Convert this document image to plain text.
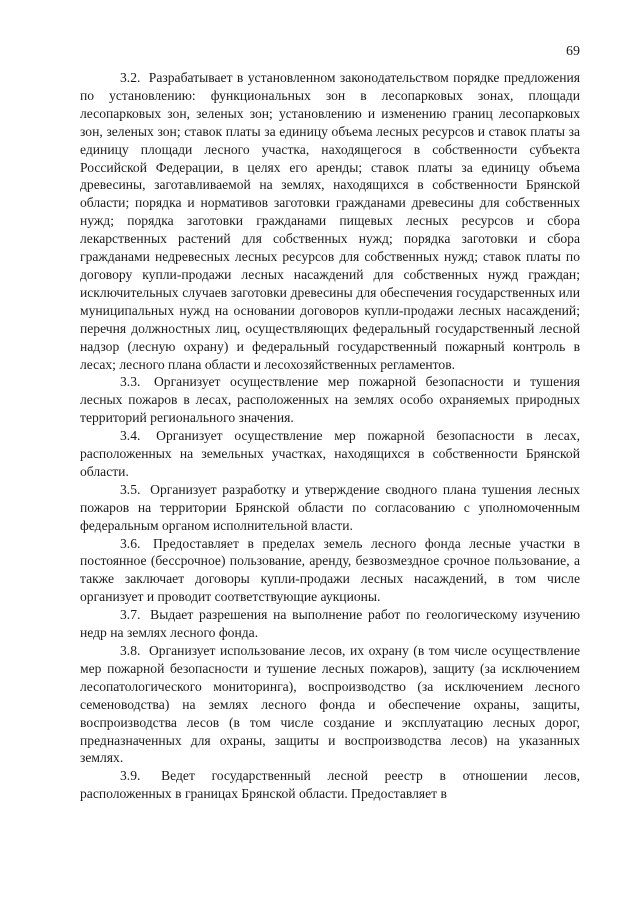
69

3.2. Разрабатывает в установленном законодательством порядке предложения по установлению: функциональных зон в лесопарковых зонах, площади лесопарковых зон, зеленых зон; установлению и изменению границ лесопарковых зон, зеленых зон; ставок платы за единицу объема лесных ресурсов и ставок платы за единицу площади лесного участка, находящегося в собственности субъекта Российской Федерации, в целях его аренды; ставок платы за единицу объема древесины, заготавливаемой на землях, находящихся в собственности Брянской области; порядка и нормативов заготовки гражданами древесины для собственных нужд; порядка заготовки гражданами пищевых лесных ресурсов и сбора лекарственных растений для собственных нужд; порядка заготовки и сбора гражданами недревесных лесных ресурсов для собственных нужд; ставок платы по договору купли-продажи лесных насаждений для собственных нужд граждан; исключительных случаев заготовки древесины для обеспечения государственных или муниципальных нужд на основании договоров купли-продажи лесных насаждений; перечня должностных лиц, осуществляющих федеральный государственный лесной надзор (лесную охрану) и федеральный государственный пожарный контроль в лесах; лесного плана области и лесохозяйственных регламентов.

3.3. Организует осуществление мер пожарной безопасности и тушения лесных пожаров в лесах, расположенных на землях особо охраняемых природных территорий регионального значения.

3.4. Организует осуществление мер пожарной безопасности в лесах, расположенных на земельных участках, находящихся в собственности Брянской области.

3.5. Организует разработку и утверждение сводного плана тушения лесных пожаров на территории Брянской области по согласованию с уполномоченным федеральным органом исполнительной власти.

3.6. Предоставляет в пределах земель лесного фонда лесные участки в постоянное (бессрочное) пользование, аренду, безвозмездное срочное пользование, а также заключает договоры купли-продажи лесных насаждений, в том числе организует и проводит соответствующие аукционы.

3.7. Выдает разрешения на выполнение работ по геологическому изучению недр на землях лесного фонда.

3.8. Организует использование лесов, их охрану (в том числе осуществление мер пожарной безопасности и тушение лесных пожаров), защиту (за исключением лесопатологического мониторинга), воспроизводство (за исключением лесного семеноводства) на землях лесного фонда и обеспечение охраны, защиты, воспроизводства лесов (в том числе создание и эксплуатацию лесных дорог, предназначенных для охраны, защиты и воспроизводства лесов) на указанных землях.

3.9. Ведет государственный лесной реестр в отношении лесов, расположенных в границах Брянской области. Предоставляет в
